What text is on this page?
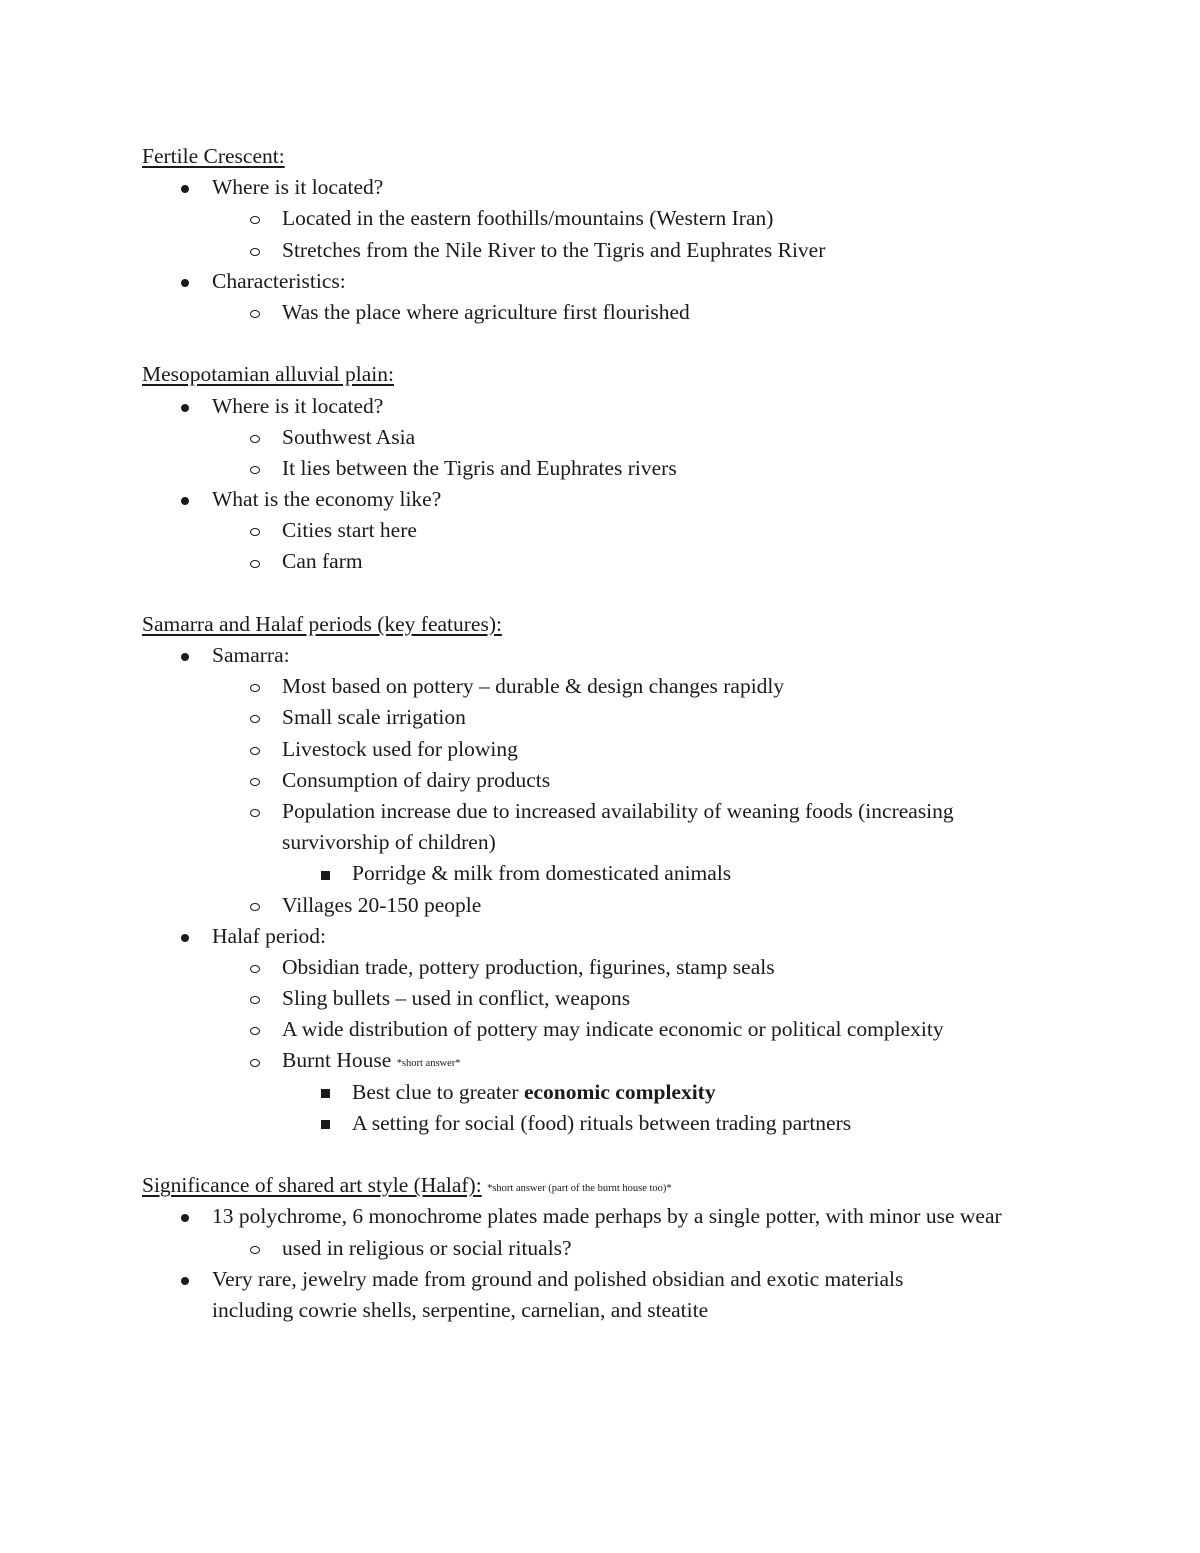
Fertile Crescent:
Where is it located?
Located in the eastern foothills/mountains (Western Iran)
Stretches from the Nile River to the Tigris and Euphrates River
Characteristics:
Was the place where agriculture first flourished
Mesopotamian alluvial plain:
Where is it located?
Southwest Asia
It lies between the Tigris and Euphrates rivers
What is the economy like?
Cities start here
Can farm
Samarra and Halaf periods (key features):
Samarra:
Most based on pottery – durable & design changes rapidly
Small scale irrigation
Livestock used for plowing
Consumption of dairy products
Population increase due to increased availability of weaning foods (increasing survivorship of children)
Porridge & milk from domesticated animals
Villages 20-150 people
Halaf period:
Obsidian trade, pottery production, figurines, stamp seals
Sling bullets – used in conflict, weapons
A wide distribution of pottery may indicate economic or political complexity
Burnt House *short answer*
Best clue to greater economic complexity
A setting for social (food) rituals between trading partners
Significance of shared art style (Halaf): *short answer (part of the burnt house too)*
13 polychrome, 6 monochrome plates made perhaps by a single potter, with minor use wear
used in religious or social rituals?
Very rare, jewelry made from ground and polished obsidian and exotic materials including cowrie shells, serpentine, carnelian, and steatite
